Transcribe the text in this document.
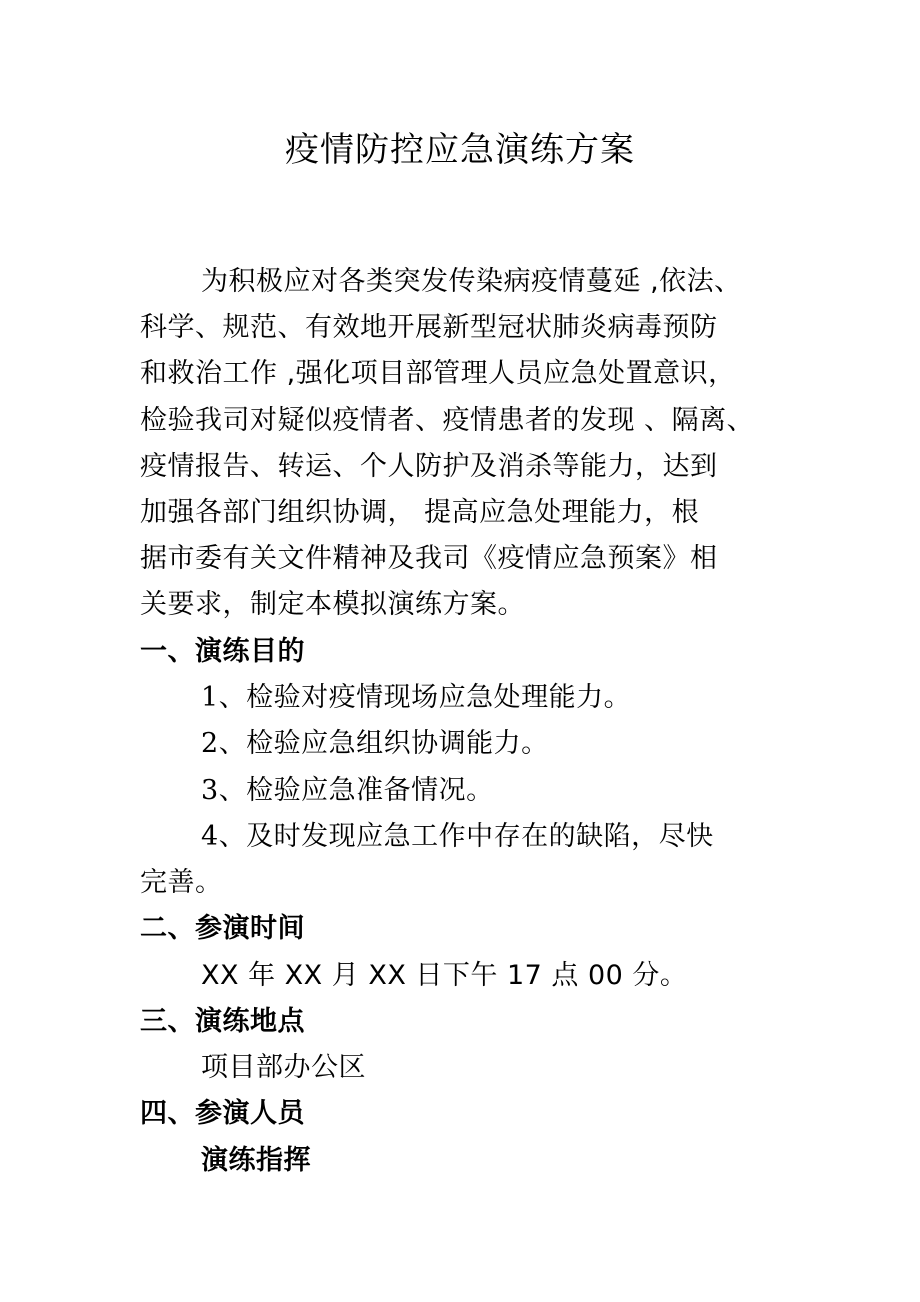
疫情防控应急演练方案
为积极应对各类突发传染病疫情蔓延 ,依法、
科学、规范、有效地开展新型冠状肺炎病毒预防
和救治工作 ,强化项目部管理人员应急处置意识，
检验我司对疑似疫情者、疫情患者的发现 、隔离、
疫情报告、转运、个人防护及消杀等能力，达到
加强各部门组织协调， 提高应急处理能力，根
据市委有关文件精神及我司《疫情应急预案》相
关要求，制定本模拟演练方案。
一、演练目的
1、检验对疫情现场应急处理能力。
2、检验应急组织协调能力。
3、检验应急准备情况。
4、及时发现应急工作中存在的缺陷，尽快
完善。
二、参演时间
XX 年 XX 月 XX 日下午 17 点 00 分。
三、演练地点
项目部办公区
四、参演人员
演练指挥
